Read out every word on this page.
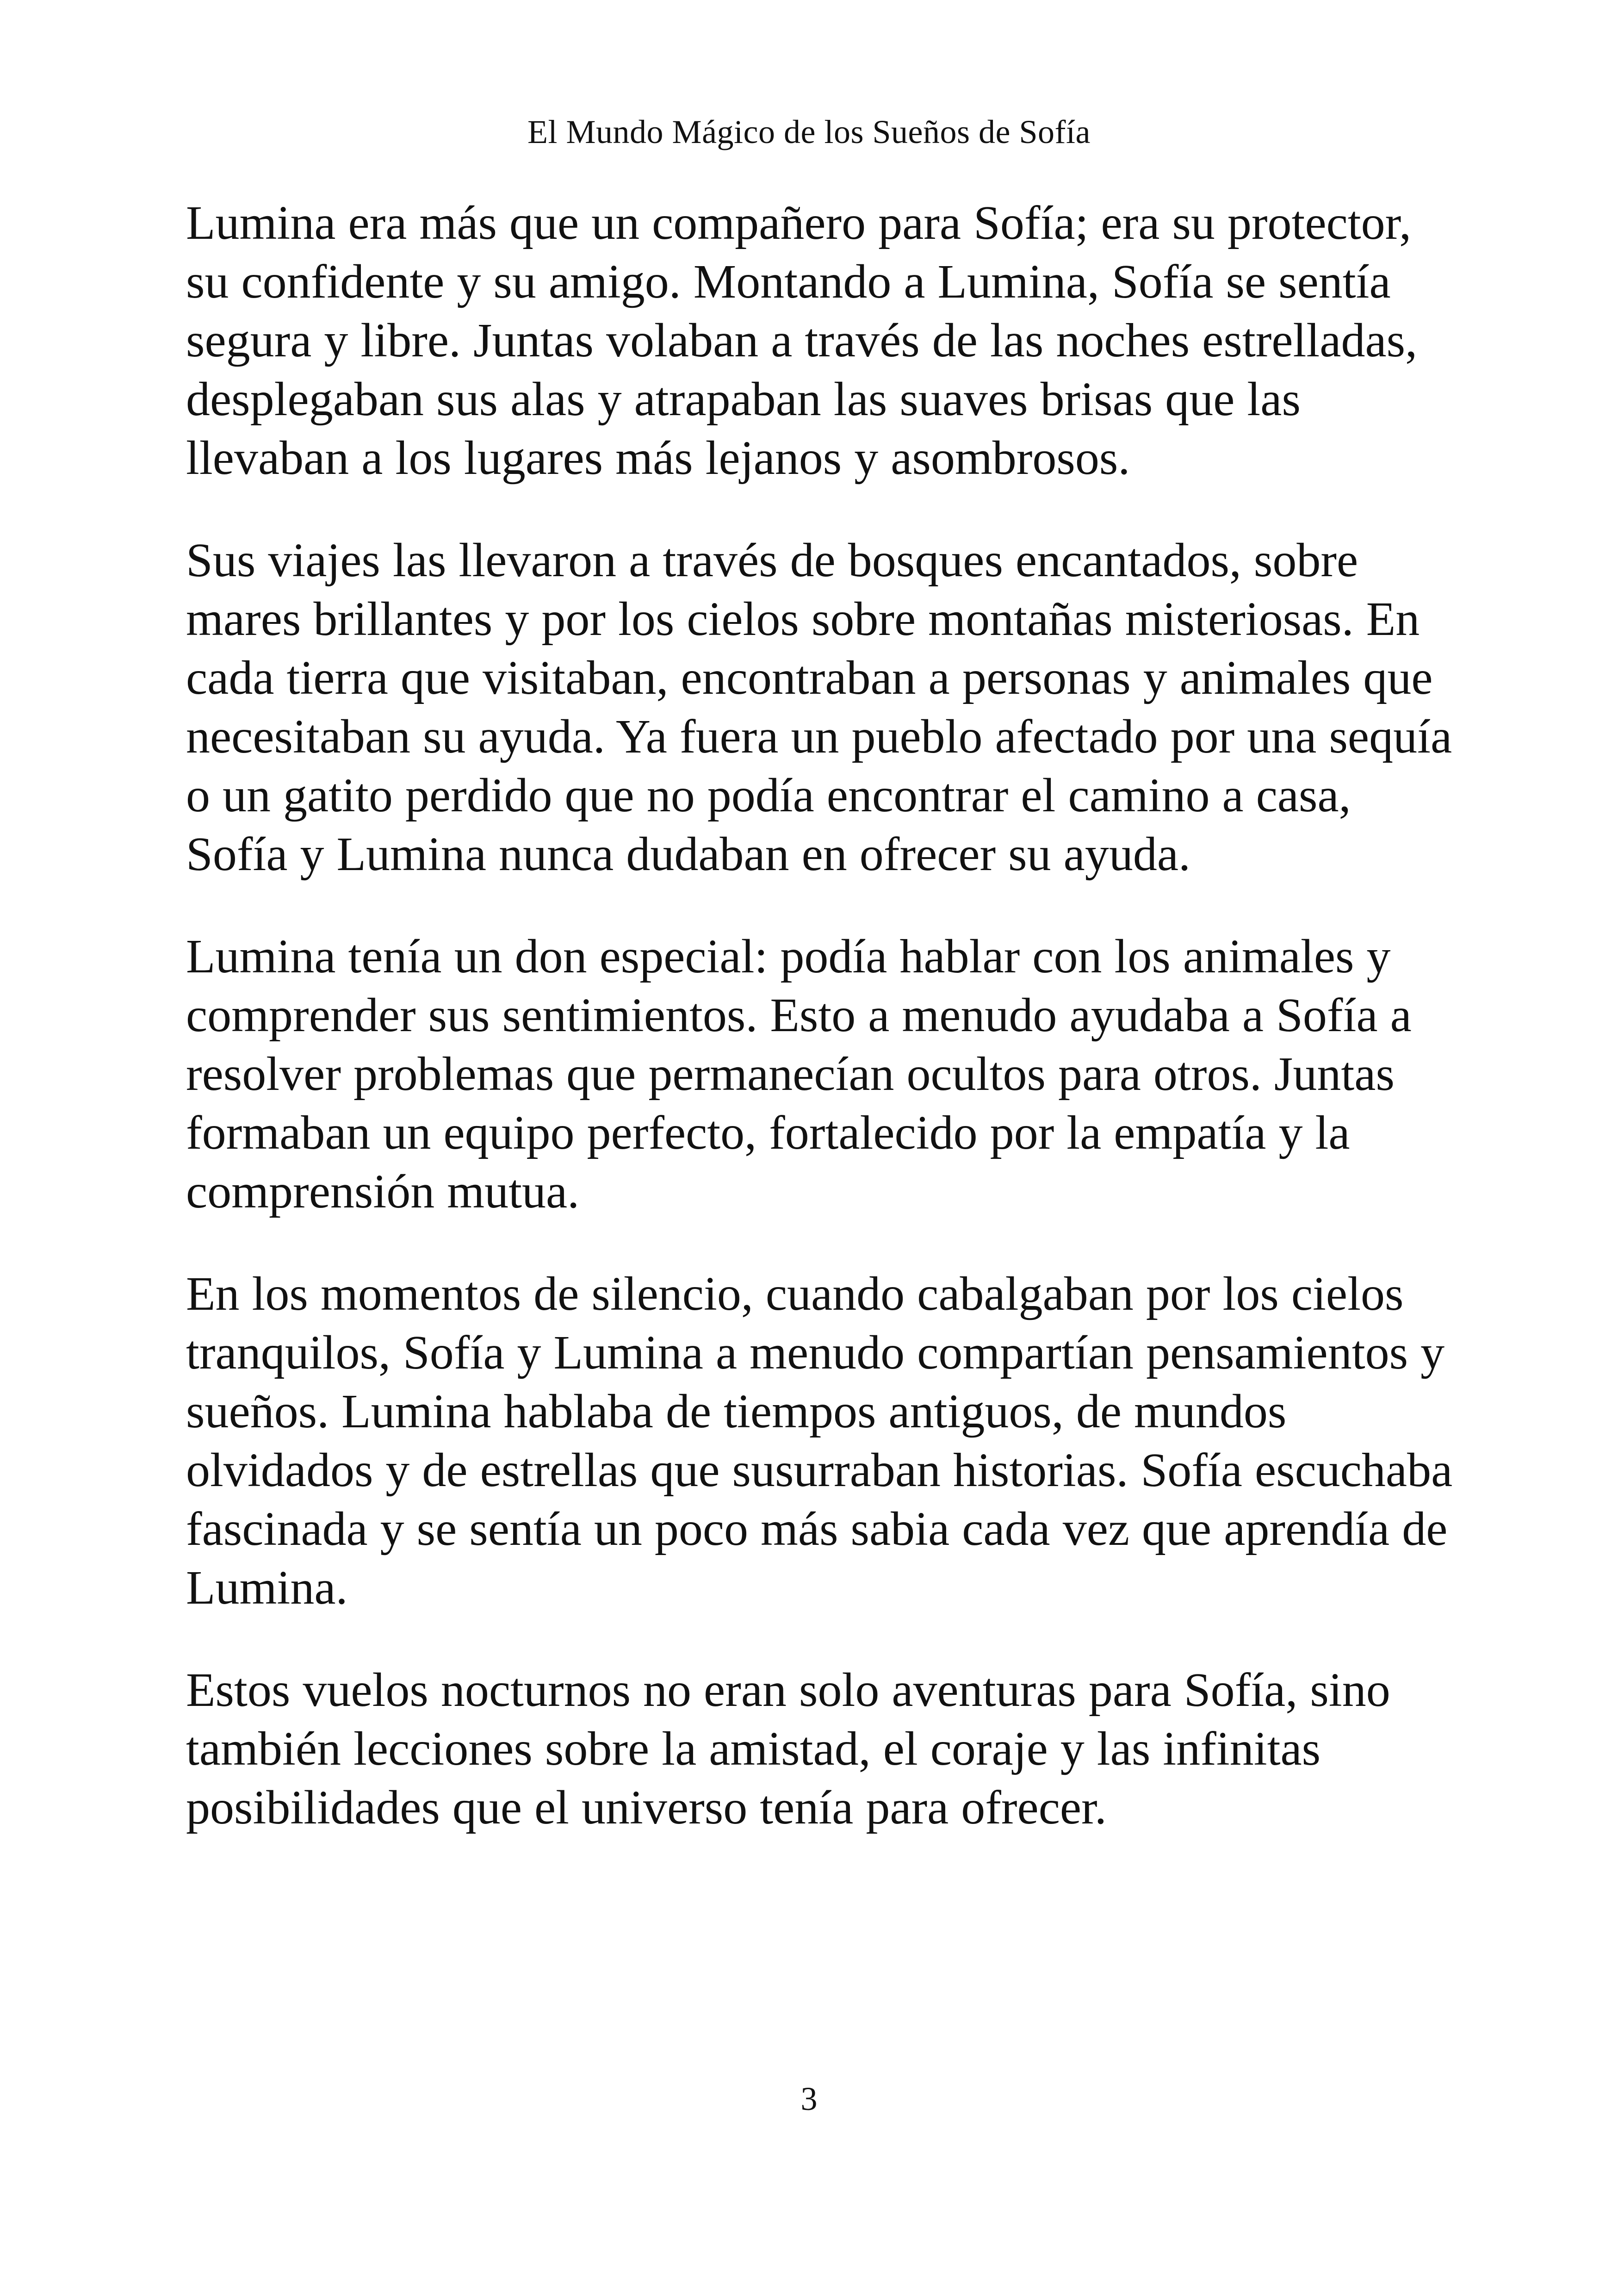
El Mundo Mágico de los Sueños de Sofía

Lumina era más que un compañero para Sofía; era su protector, su confidente y su amigo. Montando a Lumina, Sofía se sentía segura y libre. Juntas volaban a través de las noches estrelladas, desplegaban sus alas y atrapaban las suaves brisas que las llevaban a los lugares más lejanos y asombrosos.

Sus viajes las llevaron a través de bosques encantados, sobre mares brillantes y por los cielos sobre montañas misteriosas. En cada tierra que visitaban, encontraban a personas y animales que necesitaban su ayuda. Ya fuera un pueblo afectado por una sequía o un gatito perdido que no podía encontrar el camino a casa, Sofía y Lumina nunca dudaban en ofrecer su ayuda.

Lumina tenía un don especial: podía hablar con los animales y comprender sus sentimientos. Esto a menudo ayudaba a Sofía a resolver problemas que permanecían ocultos para otros. Juntas formaban un equipo perfecto, fortalecido por la empatía y la comprensión mutua.

En los momentos de silencio, cuando cabalgaban por los cielos tranquilos, Sofía y Lumina a menudo compartían pensamientos y sueños. Lumina hablaba de tiempos antiguos, de mundos olvidados y de estrellas que susurraban historias. Sofía escuchaba fascinada y se sentía un poco más sabia cada vez que aprendía de Lumina.

Estos vuelos nocturnos no eran solo aventuras para Sofía, sino también lecciones sobre la amistad, el coraje y las infinitas posibilidades que el universo tenía para ofrecer.

3
